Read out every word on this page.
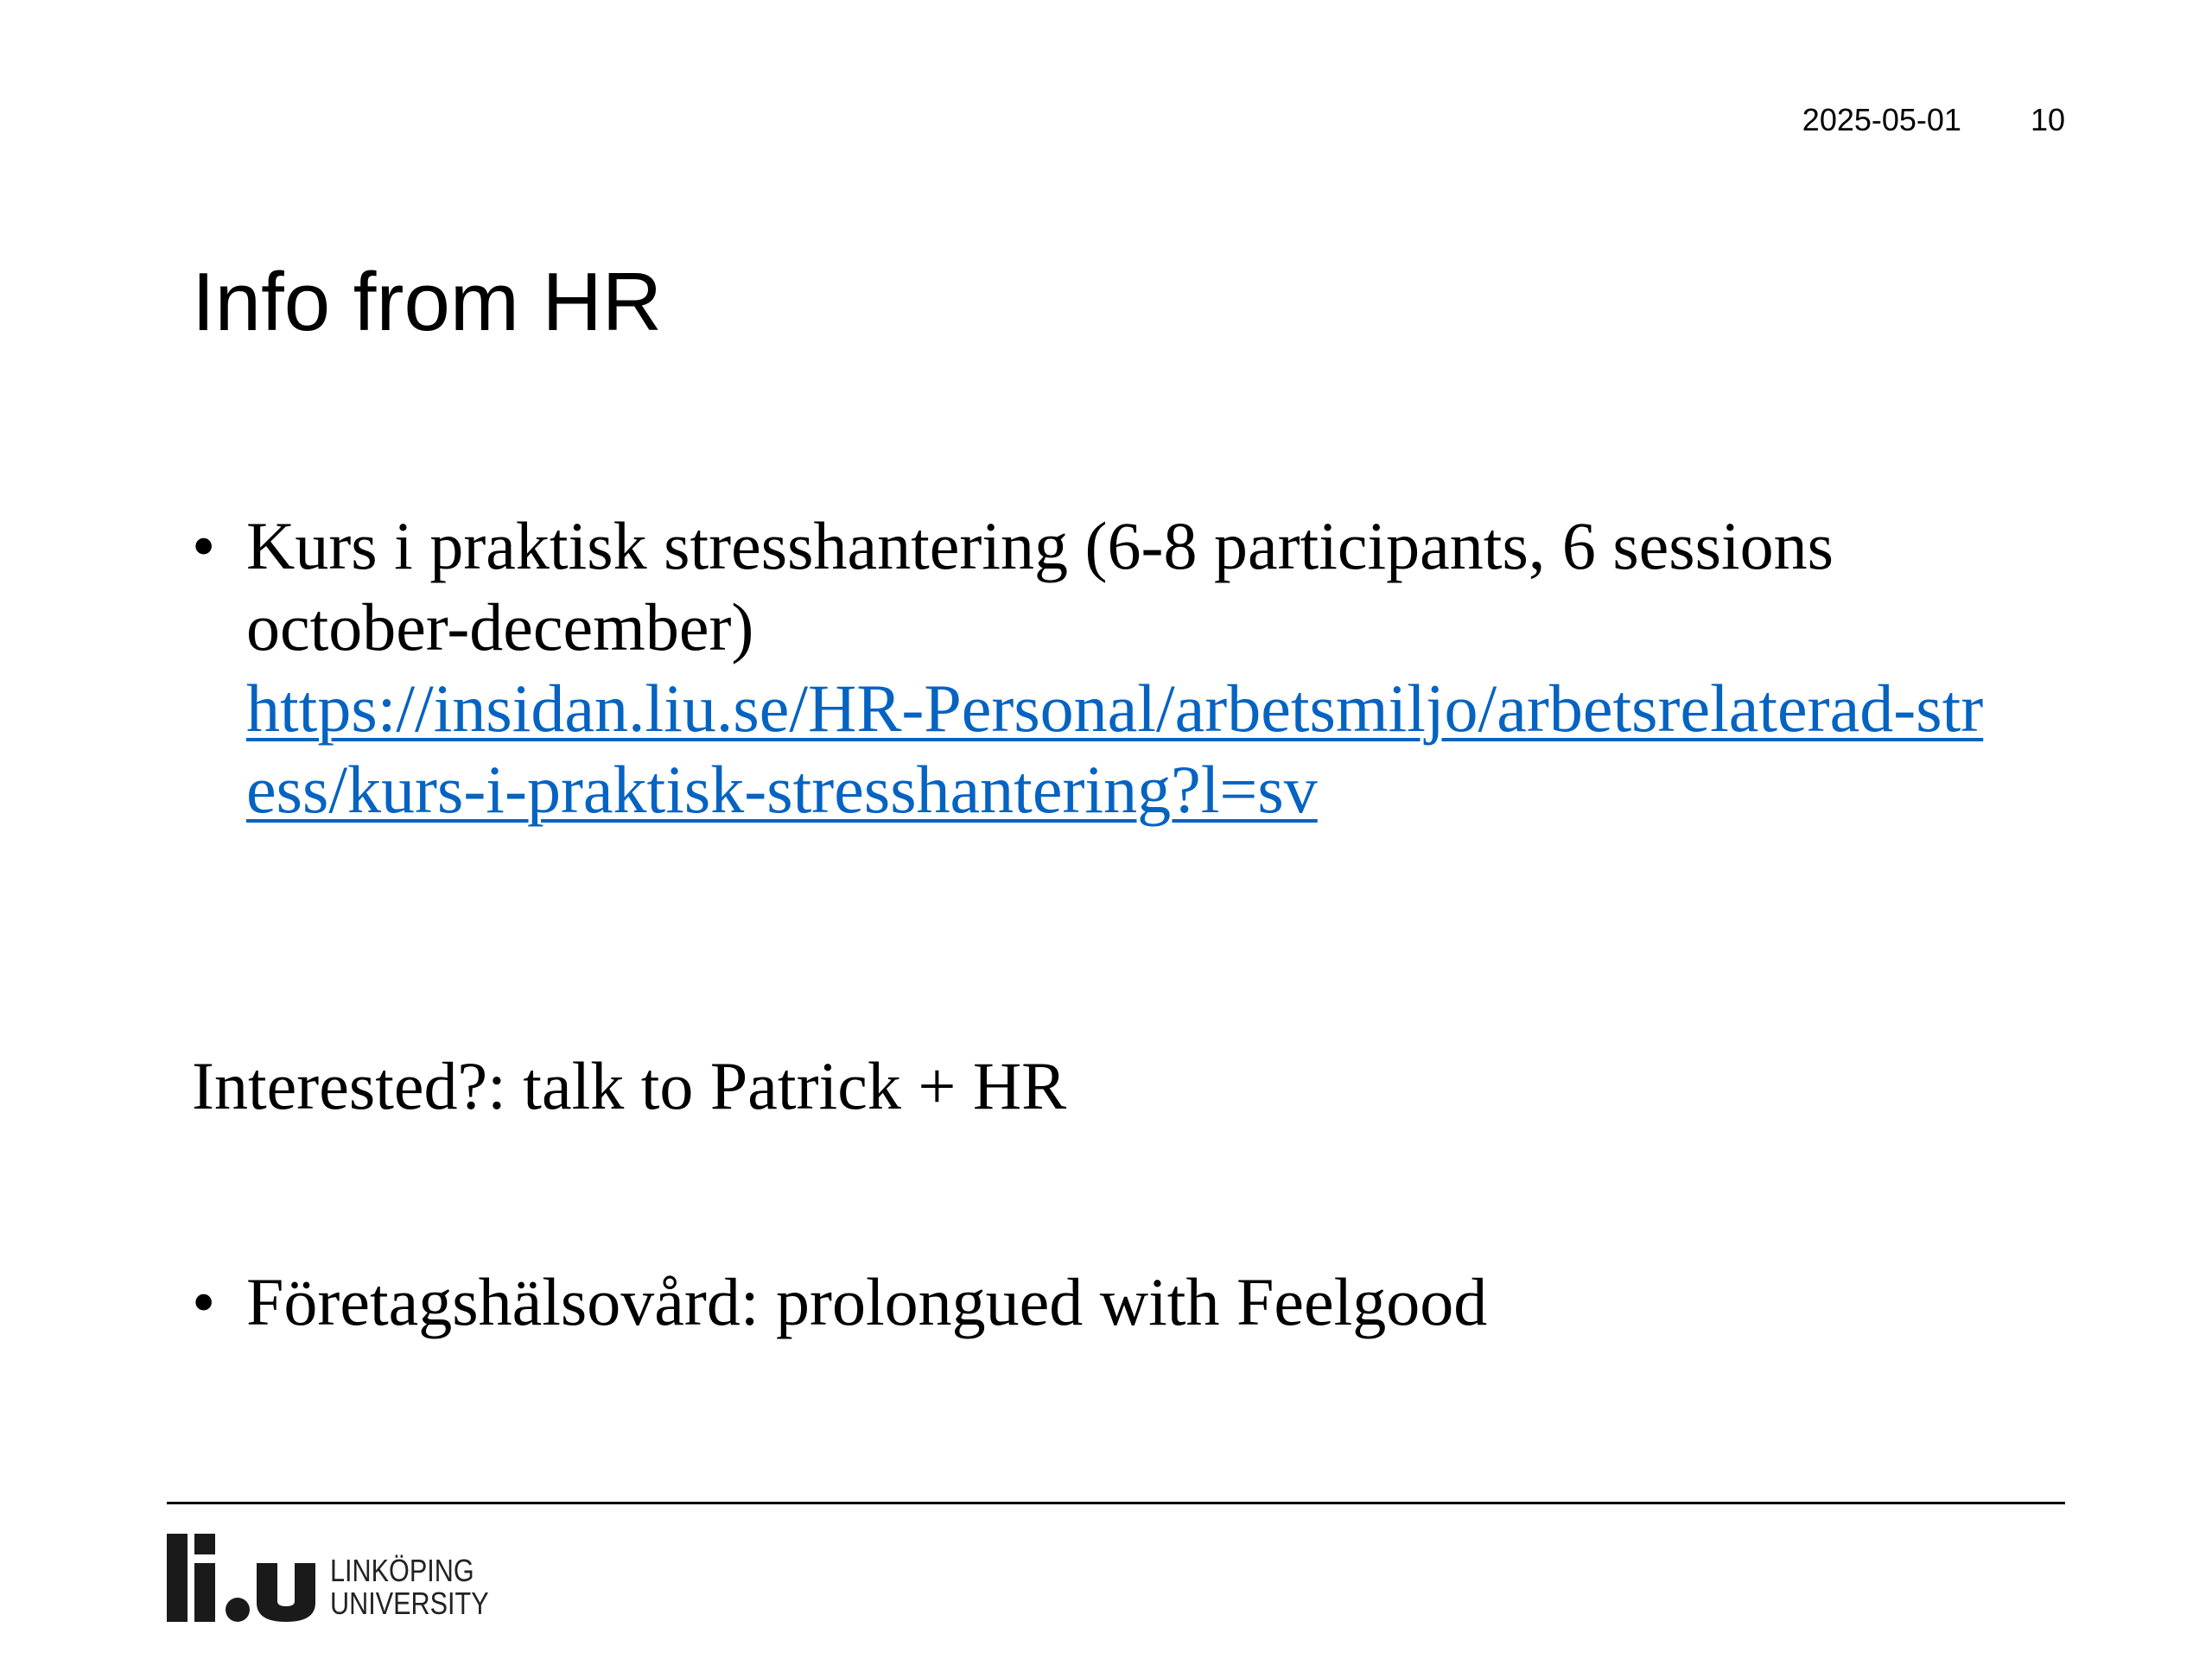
2025-05-01 10
Info from HR
• Kurs i praktisk stresshantering (6-8 participants, 6 sessions october-december)
https://insidan.liu.se/HR-Personal/arbetsmiljo/arbetsrelaterad-stress/kurs-i-praktisk-stresshantering?l=sv
Interested?: talk to Patrick + HR
• Företagshälsovård: prolongued with Feelgood
LINKÖPING
UNIVERSITY
